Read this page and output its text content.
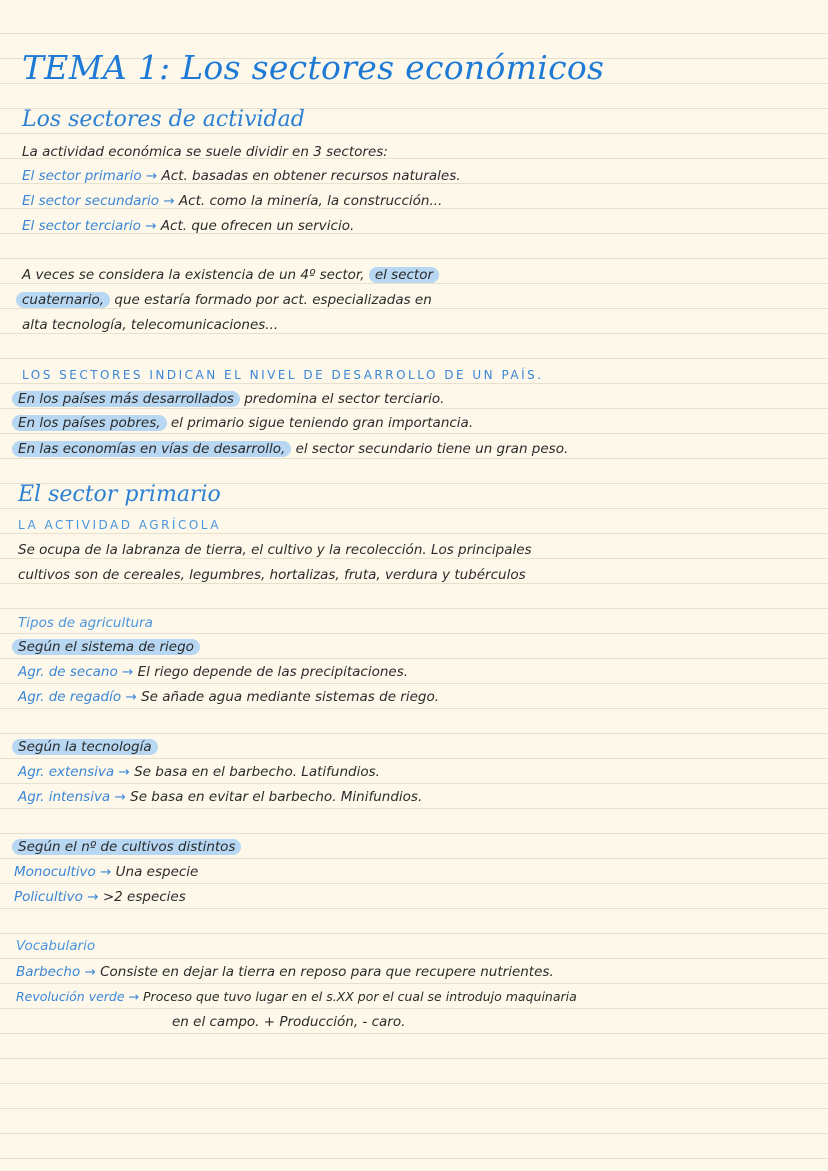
TEMA 1: Los sectores económicos
Los sectores de actividad
La actividad económica se suele dividir en 3 sectores:
El sector primario → Act. basadas en obtener recursos naturales.
El sector secundario → Act. como la minería, la construcción...
El sector terciario → Act. que ofrecen un servicio.
A veces se considera la existencia de un 4º sector, el sector
cuaternario, que estaría formado por act. especializadas en
alta tecnología, telecomunicaciones...
LOS SECTORES INDICAN EL NIVEL DE DESARROLLO DE UN PAÍS.
En los países más desarrollados predomina el sector terciario.
En los países pobres, el primario sigue teniendo gran importancia.
En las economías en vías de desarrollo, el sector secundario tiene un gran peso.
El sector primario
LA ACTIVIDAD AGRÍCOLA
Se ocupa de la labranza de tierra, el cultivo y la recolección. Los principales
cultivos son de cereales, legumbres, hortalizas, fruta, verdura y tubérculos
Tipos de agricultura
Según el sistema de riego
Agr. de secano → El riego depende de las precipitaciones.
Agr. de regadío → Se añade agua mediante sistemas de riego.
Según la tecnología
Agr. extensiva → Se basa en el barbecho. Latifundios.
Agr. intensiva → Se basa en evitar el barbecho. Minifundios.
Según el nº de cultivos distintos
Monocultivo → Una especie
Policultivo → >2 especies
Vocabulario
Barbecho → Consiste en dejar la tierra en reposo para que recupere nutrientes.
Revolución verde → Proceso que tuvo lugar en el s.XX por el cual se introdujo maquinaria
en el campo. + Producción, - caro.
